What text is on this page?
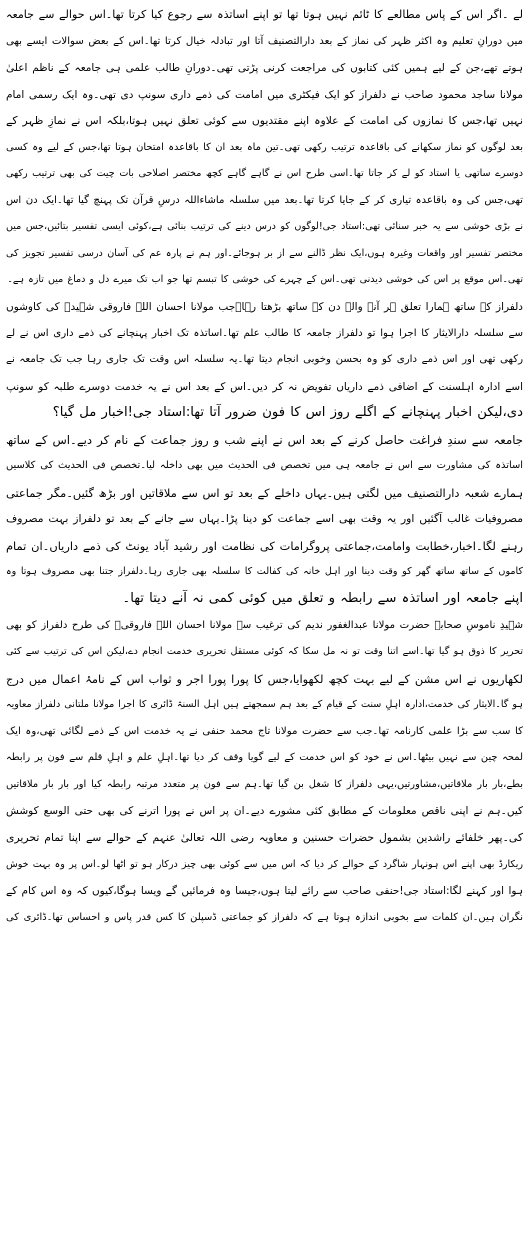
لے ۔اگر اس کے پاس مطالعے کا ٹائم نہیں ہوتا تھا تو اپنے اساتذہ سے رجوع کیا کرتا تھا۔اس حوالے سے جامعہ
میں دورانِ تعلیم وہ اکثر ظہر کی نماز کے بعد دارالتصنیف آتا اور تبادلہ خیال کرتا تھا۔اس کے بعض سوالات ایسے بھی
ہوتے تھے،جن کے لیے ہمیں کئی کتابوں کی مراجعت کرنی پڑتی تھی۔دورانِ طالب علمی ہی جامعہ کے ناظم اعلیٰ
مولانا ساجد محمود صاحب نے دلفراز کو ایک فیکٹری میں امامت کی ذمے داری سونپ دی تھی۔وہ ایک رسمی امام
نہیں تھا،جس کا نمازوں کی امامت کے علاوہ اپنے مقتدیوں سے کوئی تعلق نہیں ہوتا،بلکہ اس نے نمازِ ظہر کے
بعد لوگوں کو نماز سکھانے کی باقاعدہ ترتیب رکھی تھی۔تین ماہ بعد ان کا باقاعدہ امتحان ہوتا تھا،جس کے لیے وہ کسی
دوسرے ساتھی یا استاد کو لے کر جاتا تھا۔اسی طرح اس نے گاہے گاہے کچھ مختصر اصلاحی بات چیت کی بھی ترتیب رکھی
تھی،جس کی وہ باقاعدہ تیاری کر کے جایا کرتا تھا۔بعد میں سلسلہ ماشاءاللہ درسِ قرآن تک پہنچ گیا تھا۔ایک دن اس
نے بڑی خوشی سے یہ خبر سنائی تھی:استاد جی!لوگوں کو درس دینے کی ترتیب بنائی ہے،کوئی ایسی تفسیر بتائیں،جس میں
مختصر تفسیر اور واقعات وغیرہ ہوں،ایک نظر ڈالنے سے از بر ہوجائے۔اور ہم نے پارہ عم کی آسان درسی تفسیر تجویز کی
تھی۔اس موقع پر اس کی خوشی دیدنی تھی۔اس کے چہرے کی خوشی کا تبسم تھا جو اب تک میرے دل و دماغ میں تازہ ہے۔
دلفراز کے ساتھ ہمارا تعلق ہر آنے والے دن کے ساتھ بڑھتا رہا۔جب مولانا احسان اللہ فاروقی شہیدؒ کی کاوشوں
سے سلسلہ دارالایثار کا اجرا ہوا تو دلفراز جامعہ کا طالب علم تھا۔اساتذہ تک اخبار پہنچانے کی ذمے داری اس نے لے
رکھی تھی اور اس ذمے داری کو وہ بحسن وخوبی انجام دیتا تھا۔یہ سلسلہ اس وقت تک جاری رہا جب تک جامعہ نے
اسے ادارہ اہلسنت کے اضافی ذمے داریاں تفویض نہ کر دیں۔اس کے بعد اس نے یہ خدمت دوسرے طلبہ کو سونپ
دی،لیکن اخبار پہنچانے کے اگلے روز اس کا فون ضرور آتا تھا:استاد جی!اخبار مل گیا؟
جامعہ سے سندِ فراغت حاصل کرنے کے بعد اس نے اپنے شب و روز جماعت کے نام کر دیے۔اس کے ساتھ
اساتذہ کی مشاورت سے اس نے جامعہ ہی میں تخصص فی الحدیث میں بھی داخلہ لیا۔تخصص فی الحدیث کی کلاسیں
ہمارے شعبہ دارالتصنیف میں لگتی ہیں۔یہاں داخلے کے بعد تو اس سے ملاقاتیں اور بڑھ گئیں۔مگر جماعتی
مصروفیات غالب آگئیں اور یہ وقت بھی اسے جماعت کو دینا پڑا۔یہاں سے جانے کے بعد تو دلفراز بہت مصروف
رہنے لگا۔اخبار،خطابت وامامت،جماعتی پروگرامات کی نظامت اور رشید آباد یونٹ کی ذمے داریاں۔ان تمام
کاموں کے ساتھ ساتھ گھر کو وقت دینا اور اہل خانہ کی کفالت کا سلسلہ بھی جاری رہا۔دلفراز جتنا بھی مصروف ہوتا وہ
اپنے جامعہ اور اساتذہ سے رابطہ و تعلق میں کوئی کمی نہ آنے دیتا تھا۔
شہیدِ ناموسِ صحابہ حضرت مولانا عبدالغفور ندیم کی ترغیب سے مولانا احسان اللہ فاروقیؒ کی طرح دلفراز کو بھی
تحریر کا ذوق ہو گیا تھا۔اسے اتنا وقت تو نہ مل سکا کہ کوئی مستقل تحریری خدمت انجام دے،لیکن اس کی ترتیب سے کئی
لکھاریوں نے اس مشن کے لیے بہت کچھ لکھوایا،جس کا پورا پورا اجر و ثواب اس کے نامۂ اعمال میں درج
ہو گا۔الایثار کی خدمت،ادارہ اہلِ سنت کے قیام کے بعد ہم سمجھتے ہیں اہل السنۃ ڈائری کا اجرا مولانا ملتانی دلفراز معاویہ
کا سب سے بڑا علمی کارنامہ تھا۔جب سے حضرت مولانا تاج محمد حنفی نے یہ خدمت اس کے ذمے لگائی تھی،وہ ایک
لمحہ چین سے نہیں بیٹھا۔اس نے خود کو اس خدمت کے لیے گویا وقف کر دیا تھا۔اہلِ علم و اہلِ قلم سے فون پر رابطہ
بطے،بار بار ملاقاتیں،مشاورتیں،یہی دلفراز کا شغل بن گیا تھا۔ہم سے فون پر متعدد مرتبہ رابطہ کیا اور بار بار ملاقاتیں
کیں۔ہم نے اپنی ناقص معلومات کے مطابق کئی مشورے دیے۔ان پر اس نے پورا اترنے کی بھی حتی الوسع کوشش
کی۔پھر خلفائے راشدین بشمول حضرات حسنین و معاویہ رضی اللہ تعالیٰ عنہم کے حوالے سے اپنا تمام تحریری
ریکارڈ بھی اپنے اس ہونہار شاگرد کے حوالے کر دیا کہ اس میں سے کوئی بھی چیز درکار ہو تو اٹھا لو۔اس پر وہ بہت خوش
ہوا اور کہنے لگا:استاد جی!حنفی صاحب سے رائے لیتا ہوں،جیسا وہ فرمائیں گے ویسا ہوگا،کیوں کہ وہ اس کام کے
نگران ہیں۔ان کلمات سے بخوبی اندازہ ہوتا ہے کہ دلفراز کو جماعتی ڈسپلن کا کس قدر پاس و احساس تھا۔ڈائری کی
